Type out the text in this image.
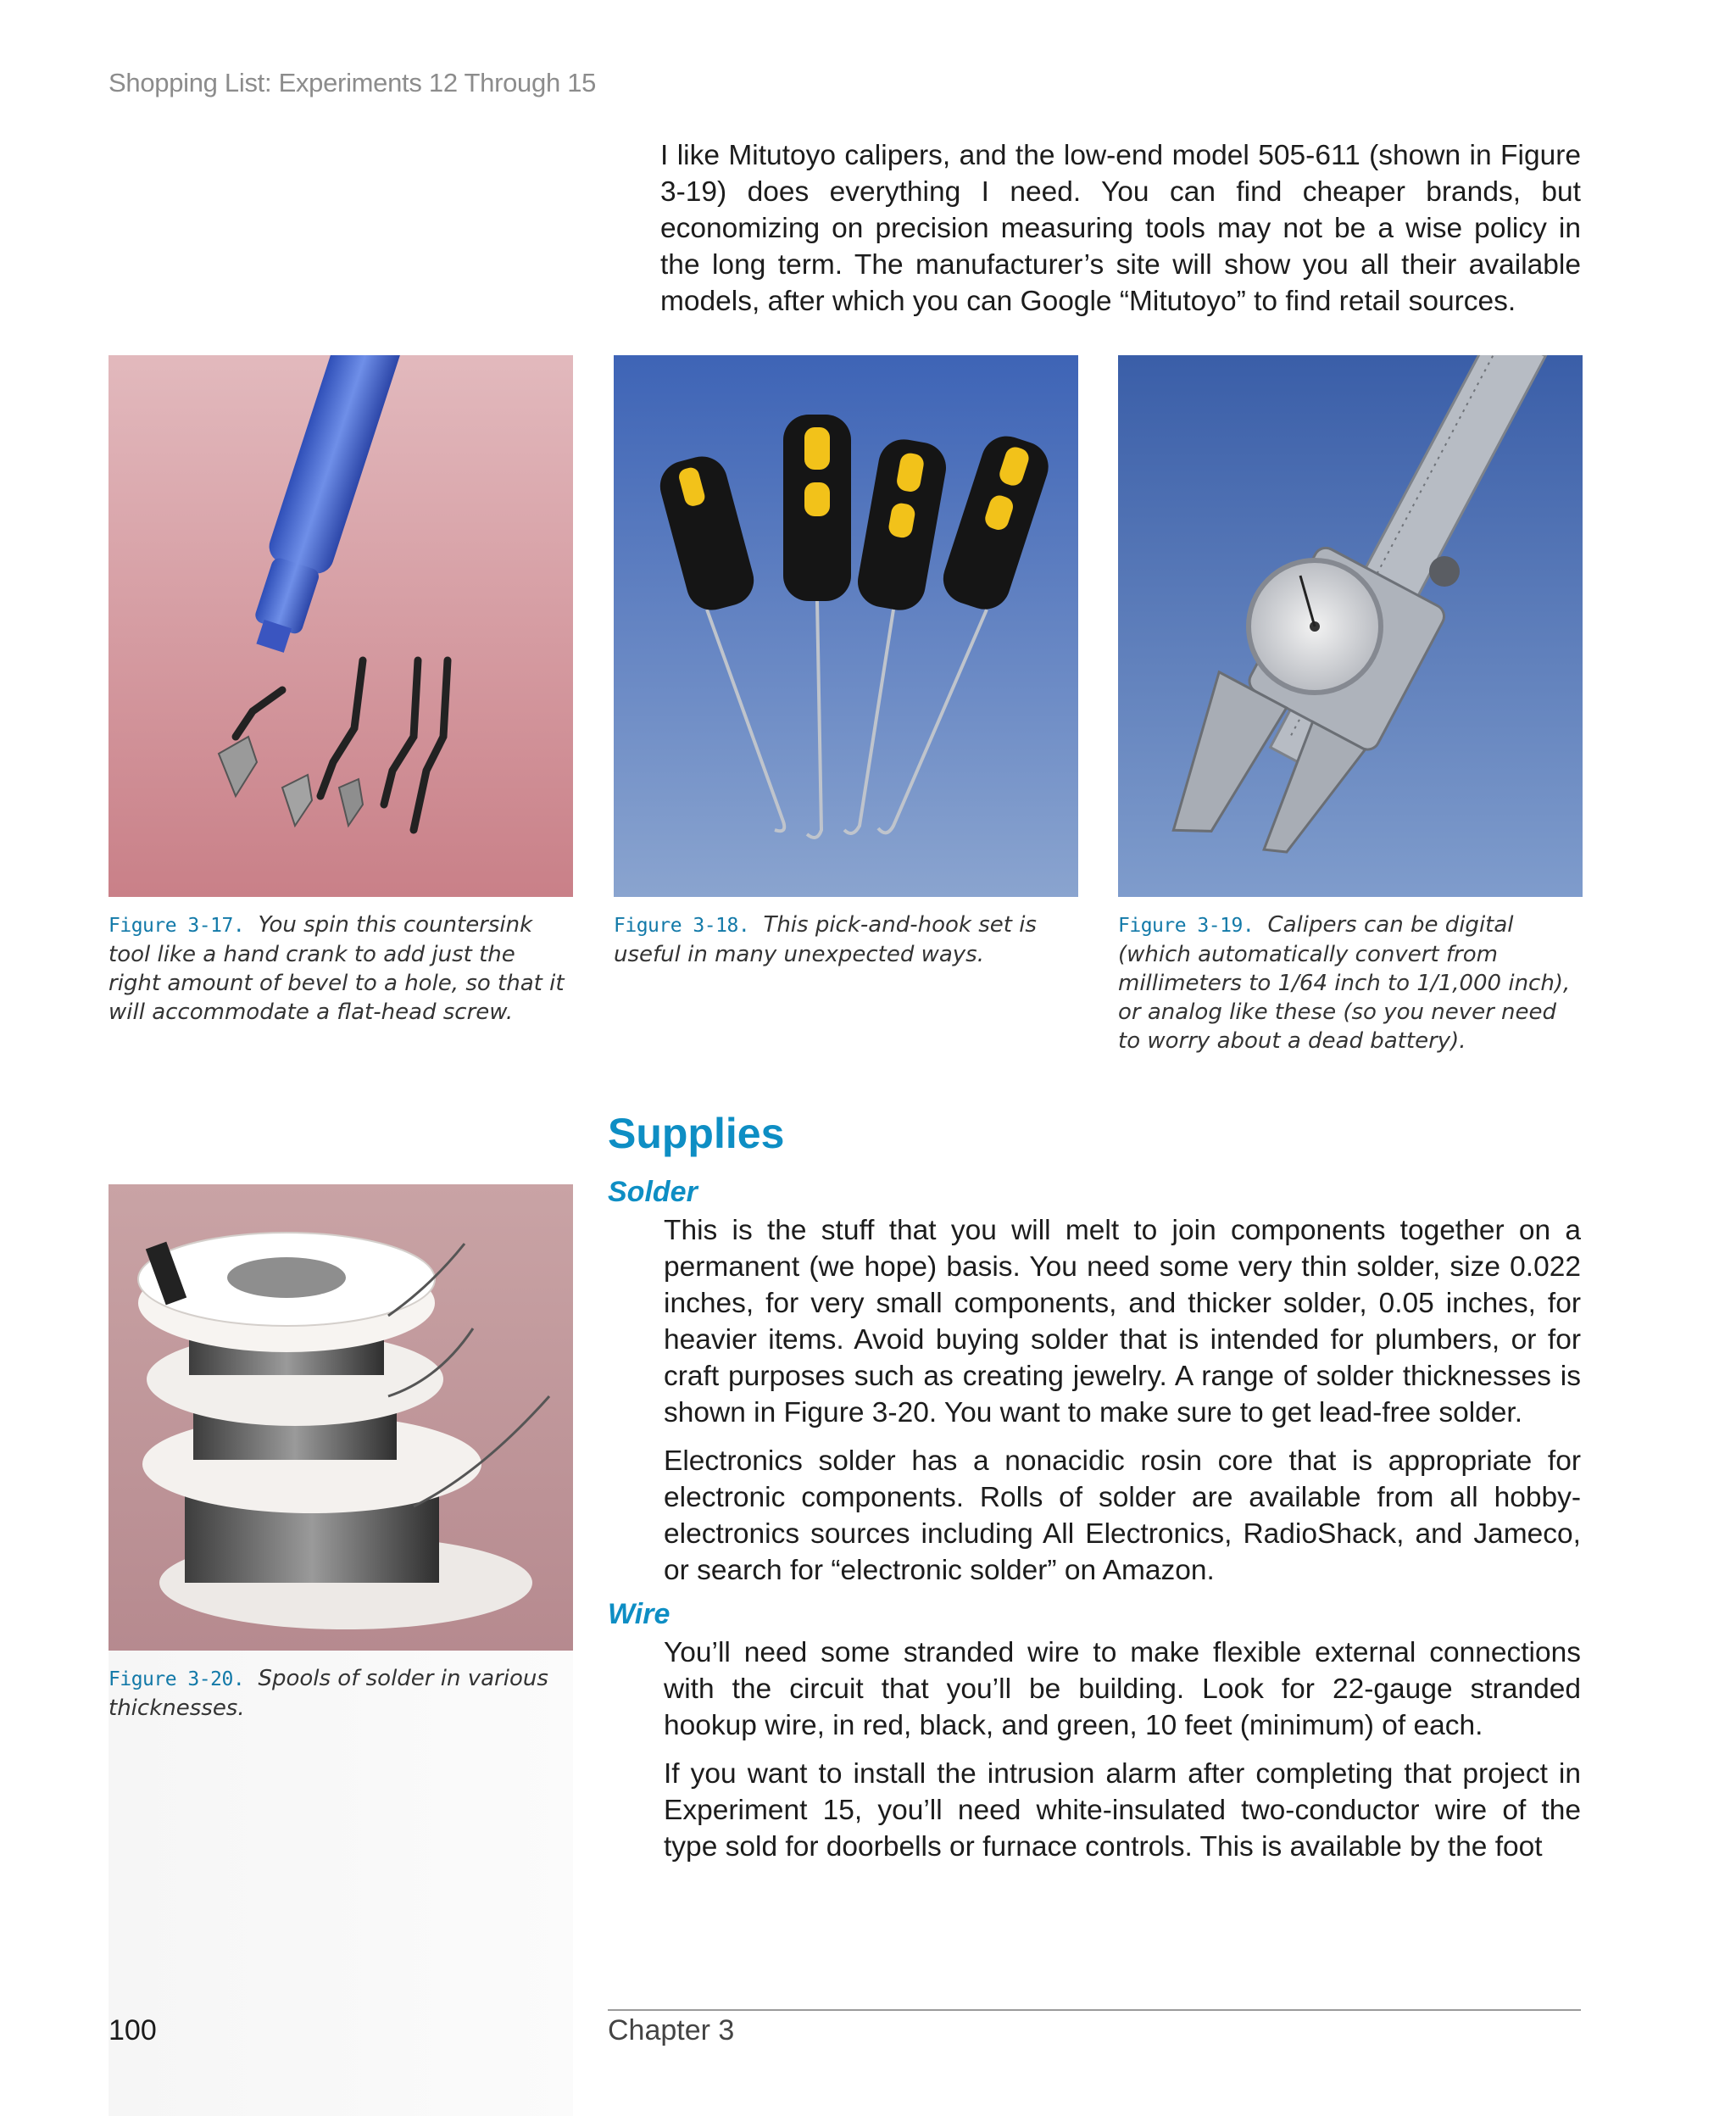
Shopping List: Experiments 12 Through 15

I like Mitutoyo calipers, and the low-end model 505-611 (shown in Figure 3-19) does everything I need. You can find cheaper brands, but economizing on precision measuring tools may not be a wise policy in the long term. The manufacturer’s site will show you all their available models, after which you can Google “Mitutoyo” to find retail sources.

Figure 3-17. You spin this countersink tool like a hand crank to add just the right amount of bevel to a hole, so that it will accommodate a flat-head screw.
Figure 3-18. This pick-and-hook set is useful in many unexpected ways.
Figure 3-19. Calipers can be digital (which automatically convert from millimeters to 1/64 inch to 1/1,000 inch), or analog like these (so you never need to worry about a dead battery).
Figure 3-20. Spools of solder in various thicknesses.
Supplies
Solder

This is the stuff that you will melt to join components together on a permanent (we hope) basis. You need some very thin solder, size 0.022 inches, for very small components, and thicker solder, 0.05 inches, for heavier items. Avoid buying solder that is intended for plumbers, or for craft purposes such as creating jewelry. A range of solder thicknesses is shown in Figure 3-20. You want to make sure to get lead-free solder.

Electronics solder has a nonacidic rosin core that is appropriate for electronic components. Rolls of solder are available from all hobby-electronics sources including All Electronics, RadioShack, and Jameco, or search for “electronic solder” on Amazon.

Wire

You’ll need some stranded wire to make flexible external connections with the circuit that you’ll be building. Look for 22-gauge stranded hookup wire, in red, black, and green, 10 feet (minimum) of each.

If you want to install the intrusion alarm after completing that project in Experiment 15, you’ll need white-insulated two-conductor wire of the type sold for doorbells or furnace controls. This is available by the foot

100	Chapter 3
